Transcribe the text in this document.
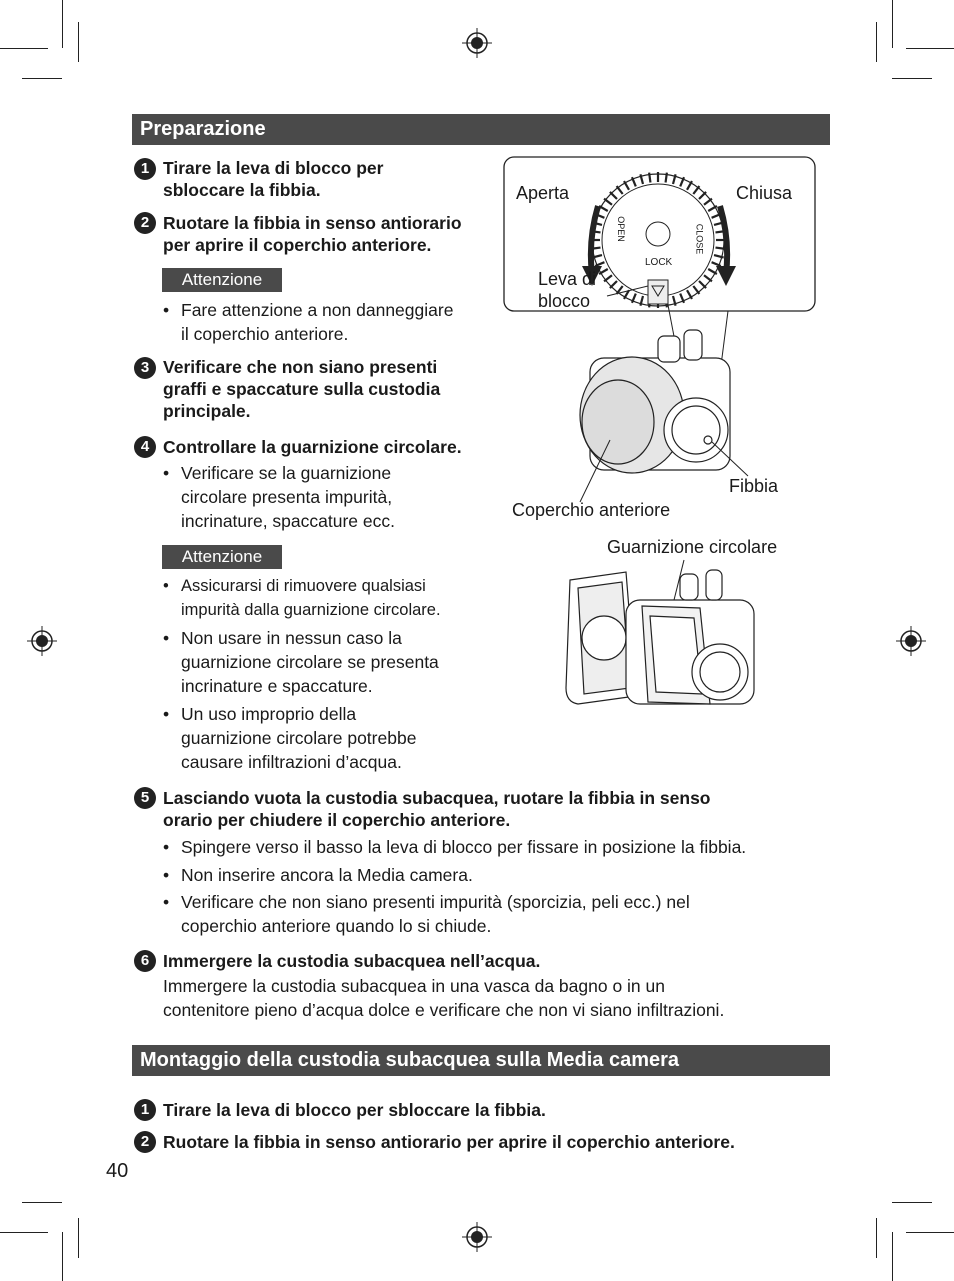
Preparazione
1 Tirare la leva di blocco per
sbloccare la fibbia.
2 Ruotare la fibbia in senso antiorario
per aprire il coperchio anteriore.
Attenzione
• Fare attenzione a non danneggiare
il coperchio anteriore.
3 Verificare che non siano presenti
graffi e spaccature sulla custodia
principale.
4 Controllare la guarnizione circolare.
• Verificare se la guarnizione
circolare presenta impurità,
incrinature, spaccature ecc.
Attenzione
• Assicurarsi di rimuovere qualsiasi
impurità dalla guarnizione circolare.
• Non usare in nessun caso la
guarnizione circolare se presenta
incrinature e spaccature.
• Un uso improprio della
guarnizione circolare potrebbe
causare infiltrazioni d’acqua.
5 Lasciando vuota la custodia subacquea, ruotare la fibbia in senso
orario per chiudere il coperchio anteriore.
• Spingere verso il basso la leva di blocco per fissare in posizione la fibbia.
• Non inserire ancora la Media camera.
• Verificare che non siano presenti impurità (sporcizia, peli ecc.) nel
coperchio anteriore quando lo si chiude.
6 Immergere la custodia subacquea nell’acqua.
Immergere la custodia subacquea in una vasca da bagno o in un
contenitore pieno d’acqua dolce e verificare che non vi siano infiltrazioni.
Montaggio della custodia subacquea sulla Media camera
1 Tirare la leva di blocco per sbloccare la fibbia.
2 Ruotare la fibbia in senso antiorario per aprire il coperchio anteriore.
40
Aperta	Chiusa
OPEN	CLOSE
LOCK
Leva di
blocco
Fibbia
Coperchio anteriore
Guarnizione circolare
